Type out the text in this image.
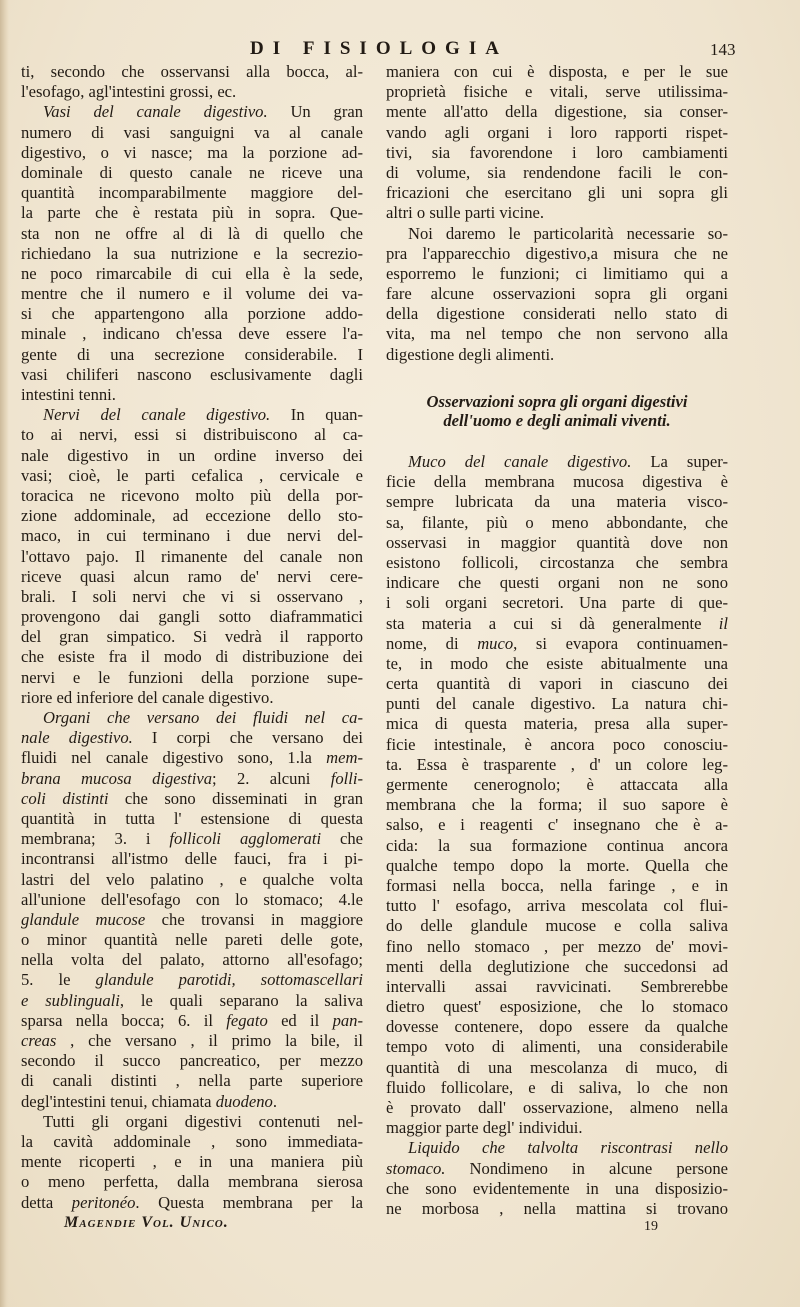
DI FISIOLOGIA	143
ti, secondo che osservansi alla bocca, al-
l'esofago, agl'intestini grossi, ec.
Vasi del canale digestivo. Un gran
numero di vasi sanguigni va al canale
digestivo, o vi nasce; ma la porzione ad-
dominale di questo canale ne riceve una
quantità incomparabilmente maggiore del-
la parte che è restata più in sopra. Que-
sta non ne offre al di là di quello che
richiedano la sua nutrizione e la secrezio-
ne poco rimarcabile di cui ella è la sede,
mentre che il numero e il volume dei va-
si che appartengono alla porzione addo-
minale , indicano ch'essa deve essere l'a-
gente di una secrezione considerabile. I
vasi chiliferi nascono esclusivamente dagli
intestini tenni.
Nervi del canale digestivo. In quan-
to ai nervi, essi si distribuiscono al ca-
nale digestivo in un ordine inverso dei
vasi; cioè, le parti cefalica , cervicale e
toracica ne ricevono molto più della por-
zione addominale, ad eccezione dello sto-
maco, in cui terminano i due nervi del-
l'ottavo pajo. Il rimanente del canale non
riceve quasi alcun ramo de' nervi cere-
brali. I soli nervi che vi si osservano ,
provengono dai gangli sotto diaframmatici
del gran simpatico. Si vedrà il rapporto
che esiste fra il modo di distribuzione dei
nervi e le funzioni della porzione supe-
riore ed inferiore del canale digestivo.
Organi che versano dei fluidi nel ca-
nale digestivo. I corpi che versano dei
fluidi nel canale digestivo sono, 1.la mem-
brana mucosa digestiva; 2. alcuni folli-
coli distinti che sono disseminati in gran
quantità in tutta l' estensione di questa
membrana; 3. i follicoli agglomerati che
incontransi all'istmo delle fauci, fra i pi-
lastri del velo palatino , e qualche volta
all'unione dell'esofago con lo stomaco; 4.le
glandule mucose che trovansi in maggiore
o minor quantità nelle pareti delle gote,
nella volta del palato, attorno all'esofago;
5. le glandule parotidi, sottomascellari
e sublinguali, le quali separano la saliva
sparsa nella bocca; 6. il fegato ed il pan-
creas , che versano , il primo la bile, il
secondo il succo pancreatico, per mezzo
di canali distinti , nella parte superiore
degl'intestini tenui, chiamata duodeno.
Tutti gli organi digestivi contenuti nel-
la cavità addominale , sono immediata-
mente ricoperti , e in una maniera più
o meno perfetta, dalla membrana sierosa
detta peritonéo. Questa membrana per la
maniera con cui è disposta, e per le sue
proprietà fisiche e vitali, serve utilissima-
mente all'atto della digestione, sia conser-
vando agli organi i loro rapporti rispet-
tivi, sia favorendone i loro cambiamenti
di volume, sia rendendone facili le con-
fricazioni che esercitano gli uni sopra gli
altri o sulle parti vicine.
Noi daremo le particolarità necessarie so-
pra l'apparecchio digestivo,a misura che ne
esporremo le funzioni; ci limitiamo qui a
fare alcune osservazioni sopra gli organi
della digestione considerati nello stato di
vita, ma nel tempo che non servono alla
digestione degli alimenti.
Osservazioni sopra gli organi digestivi
dell'uomo e degli animali viventi.
Muco del canale digestivo. La super-
ficie della membrana mucosa digestiva è
sempre lubricata da una materia visco-
sa, filante, più o meno abbondante, che
osservasi in maggior quantità dove non
esistono follicoli, circostanza che sembra
indicare che questi organi non ne sono
i soli organi secretori. Una parte di que-
sta materia a cui si dà generalmente il
nome, di muco, si evapora continuamen-
te, in modo che esiste abitualmente una
certa quantità di vapori in ciascuno dei
punti del canale digestivo. La natura chi-
mica di questa materia, presa alla super-
ficie intestinale, è ancora poco conosciu-
ta. Essa è trasparente , d' un colore leg-
germente cenerognolo; è attaccata alla
membrana che la forma; il suo sapore è
salso, e i reagenti c' insegnano che è a-
cida: la sua formazione continua ancora
qualche tempo dopo la morte. Quella che
formasi nella bocca, nella faringe , e in
tutto l' esofago, arriva mescolata col flui-
do delle glandule mucose e colla saliva
fino nello stomaco , per mezzo de' movi-
menti della deglutizione che succedonsi ad
intervalli assai ravvicinati. Sembrerebbe
dietro quest' esposizione, che lo stomaco
dovesse contenere, dopo essere da qualche
tempo voto di alimenti, una considerabile
quantità di una mescolanza di muco, di
fluido follicolare, e di saliva, lo che non
è provato dall' osservazione, almeno nella
maggior parte degl' individui.
Liquido che talvolta riscontrasi nello
stomaco. Nondimeno in alcune persone
che sono evidentemente in una disposizio-
ne morbosa , nella mattina si trovano
Magendie Vol. Unico.	19
